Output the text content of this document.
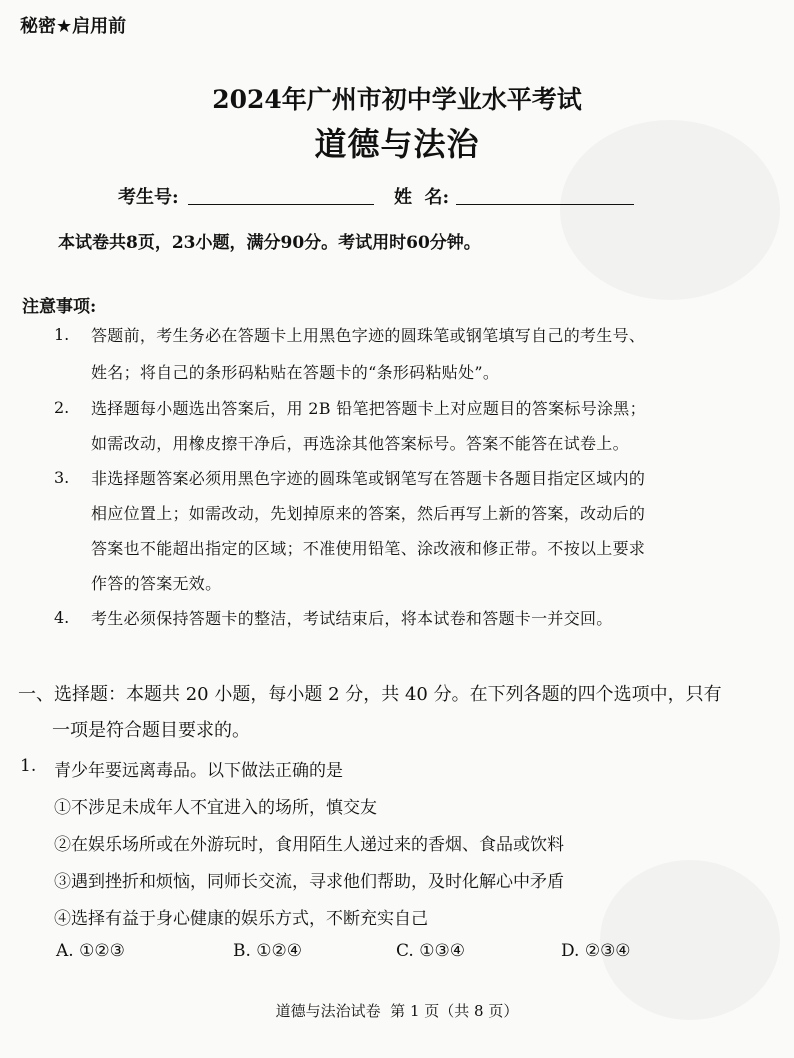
秘密★启用前
2024年广州市初中学业水平考试
道德与法治
考生号:	姓  名:
本试卷共8页，23小题，满分90分。考试用时60分钟。
注意事项:
1. 答题前，考生务必在答题卡上用黑色字迹的圆珠笔或钢笔填写自己的考生号、
姓名；将自己的条形码粘贴在答题卡的“条形码粘贴处”。
2. 选择题每小题选出答案后，用 2B 铅笔把答题卡上对应题目的答案标号涂黑；
如需改动，用橡皮擦干净后，再选涂其他答案标号。答案不能答在试卷上。
3. 非选择题答案必须用黑色字迹的圆珠笔或钢笔写在答题卡各题目指定区域内的
相应位置上；如需改动，先划掉原来的答案，然后再写上新的答案，改动后的
答案也不能超出指定的区域；不准使用铅笔、涂改液和修正带。不按以上要求
作答的答案无效。
4. 考生必须保持答题卡的整洁，考试结束后，将本试卷和答题卡一并交回。
一、选择题：本题共 20 小题，每小题 2 分，共 40 分。在下列各题的四个选项中，只有
一项是符合题目要求的。
1. 青少年要远离毒品。以下做法正确的是
①不涉足未成年人不宜进入的场所，慎交友
②在娱乐场所或在外游玩时，食用陌生人递过来的香烟、食品或饮料
③遇到挫折和烦恼，同师长交流，寻求他们帮助，及时化解心中矛盾
④选择有益于身心健康的娱乐方式，不断充实自己
A. ①②③	B. ①②④	C. ①③④	D. ②③④
道德与法治试卷  第 1 页（共 8 页）
